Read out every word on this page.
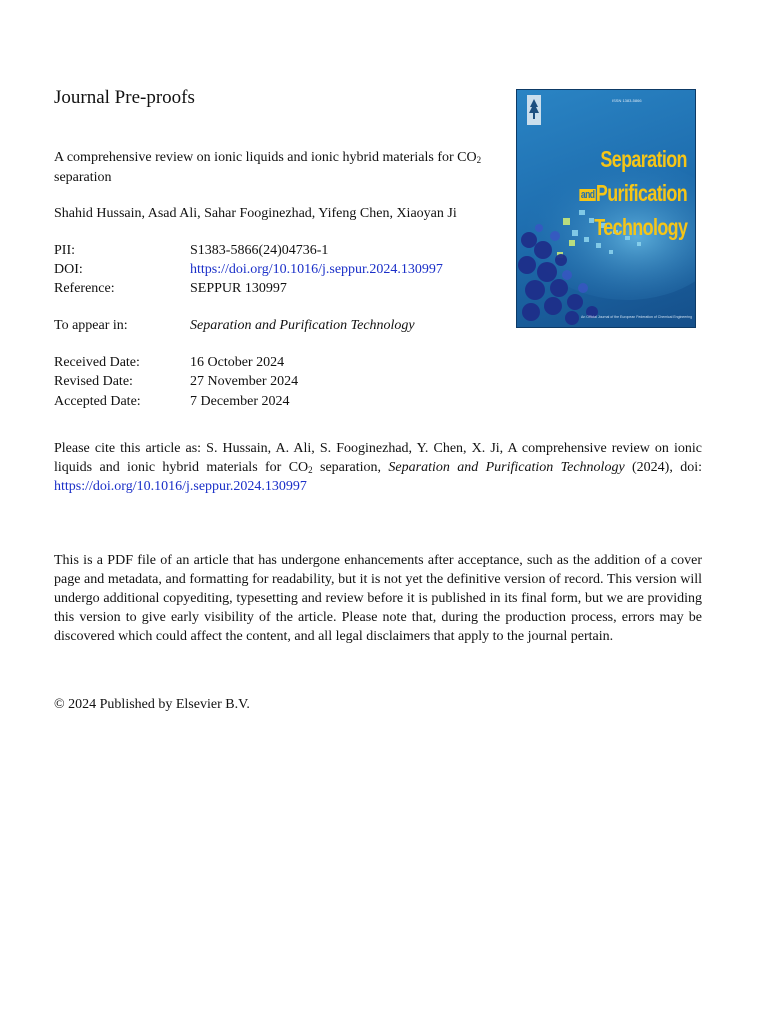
Journal Pre-proofs
A comprehensive review on ionic liquids and ionic hybrid materials for $CO_2$
separation
Shahid Hussain, Asad Ali, Sahar Fooginezhad, Yifeng Chen, Xiaoyan Ji
PII:	S1383-5866(24)04736-1
DOI:	https://doi.org/10.1016/j.seppur.2024.130997
Reference:	SEPPUR 130997
To appear in:	Separation and Purification Technology
Received Date:	16 October 2024
Revised Date:	27 November 2024
Accepted Date:	7 December 2024
Please cite this article as: S. Hussain, A. Ali, S. Fooginezhad, Y. Chen, X. Ji, A comprehensive review on ionic liquids and ionic hybrid materials for $CO_2$ separation, Separation and Purification Technology (2024), doi: https://doi.org/10.1016/j.seppur.2024.130997
This is a PDF file of an article that has undergone enhancements after acceptance, such as the addition of a cover page and metadata, and formatting for readability, but it is not yet the definitive version of record. This version will undergo additional copyediting, typesetting and review before it is published in its final form, but we are providing this version to give early visibility of the article. Please note that, during the production process, errors may be discovered which could affect the content, and all legal disclaimers that apply to the journal pertain.
© 2024 Published by Elsevier B.V.
ISSN 1383-5866
Separation
andPurification
Technology
An Official Journal of the European Federation of Chemical Engineering
